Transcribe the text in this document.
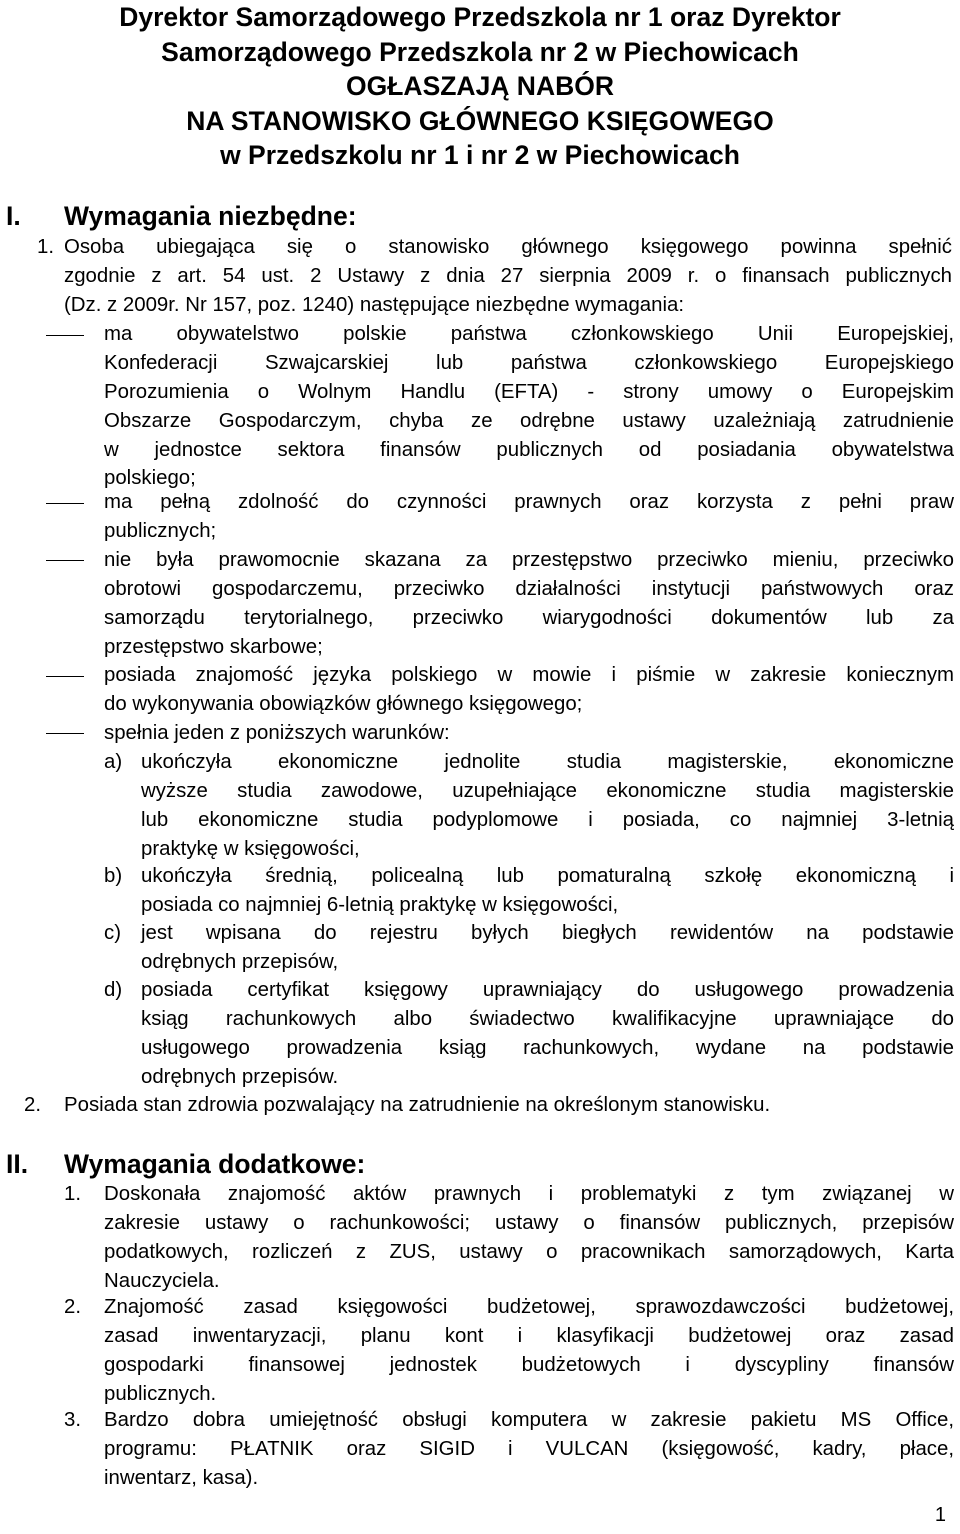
Dyrektor Samorządowego Przedszkola nr 1 oraz Dyrektor
Samorządowego Przedszkola nr 2 w Piechowicach
OGŁASZAJĄ NABÓR
NA STANOWISKO GŁÓWNEGO KSIĘGOWEGO
w Przedszkolu nr 1 i nr 2 w Piechowicach
I. Wymagania niezbędne:
1. Osoba ubiegająca się o stanowisko głównego księgowego powinna spełnić
zgodnie z art. 54 ust. 2 Ustawy z dnia 27 sierpnia 2009 r. o finansach publicznych
(Dz. z 2009r. Nr 157, poz. 1240) następujące niezbędne wymagania:
ma obywatelstwo polskie państwa członkowskiego Unii Europejskiej,
Konfederacji Szwajcarskiej lub państwa członkowskiego Europejskiego
Porozumienia o Wolnym Handlu (EFTA) - strony umowy o Europejskim
Obszarze Gospodarczym, chyba ze odrębne ustawy uzależniają zatrudnienie
w jednostce sektora finansów publicznych od posiadania obywatelstwa
polskiego;
ma pełną zdolność do czynności prawnych oraz korzysta z pełni praw
publicznych;
nie była prawomocnie skazana za przestępstwo przeciwko mieniu, przeciwko
obrotowi gospodarczemu, przeciwko działalności instytucji państwowych oraz
samorządu terytorialnego, przeciwko wiarygodności dokumentów lub za
przestępstwo skarbowe;
posiada znajomość języka polskiego w mowie i piśmie w zakresie koniecznym
do wykonywania obowiązków głównego księgowego;
spełnia jeden z poniższych warunków:
a) ukończyła ekonomiczne jednolite studia magisterskie, ekonomiczne
wyższe studia zawodowe, uzupełniające ekonomiczne studia magisterskie
lub ekonomiczne studia podyplomowe i posiada, co najmniej 3-letnią
praktykę w księgowości,
b) ukończyła średnią, policealną lub pomaturalną szkołę ekonomiczną i
posiada co najmniej 6-letnią praktykę w księgowości,
c) jest wpisana do rejestru byłych biegłych rewidentów na podstawie
odrębnych przepisów,
d) posiada certyfikat księgowy uprawniający do usługowego prowadzenia
ksiąg rachunkowych albo świadectwo kwalifikacyjne uprawniające do
usługowego prowadzenia ksiąg rachunkowych, wydane na podstawie
odrębnych przepisów.
2. Posiada stan zdrowia pozwalający na zatrudnienie na określonym stanowisku.
II. Wymagania dodatkowe:
1. Doskonała znajomość aktów prawnych i problematyki z tym związanej w
zakresie ustawy o rachunkowości; ustawy o finansów publicznych, przepisów
podatkowych, rozliczeń z ZUS, ustawy o pracownikach samorządowych, Karta
Nauczyciela.
2. Znajomość zasad księgowości budżetowej, sprawozdawczości budżetowej,
zasad inwentaryzacji, planu kont i klasyfikacji budżetowej oraz zasad
gospodarki finansowej jednostek budżetowych i dyscypliny finansów
publicznych.
3. Bardzo dobra umiejętność obsługi komputera w zakresie pakietu MS Office,
programu: PŁATNIK oraz SIGID i VULCAN (księgowość, kadry, płace,
inwentarz, kasa).
1
